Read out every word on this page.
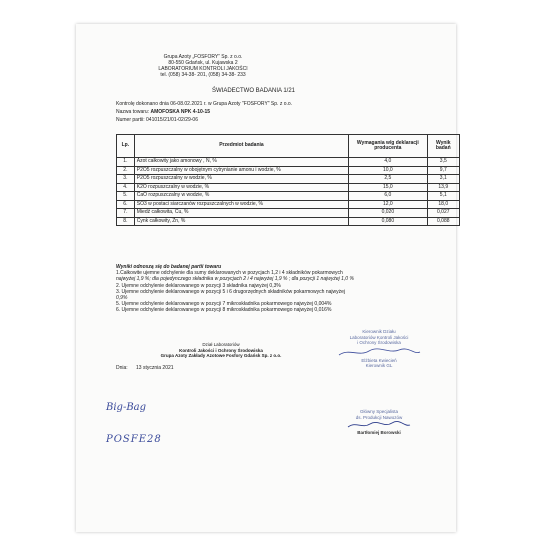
Grupa Azoty „FOSFORY” Sp. z o.o.
80-550 Gdańsk, ul. Kujawska 2
LABORATORIUM KONTROLI JAKOŚCI
tel. (058) 34-38- 201, (058) 34-38- 233
ŚWIADECTWO BADANIA 1/21
Kontrolę dokonano dnia 06-08.02.2021 r. w Grupa Azoty "FOSFORY" Sp. z o.o.
Nazwa towaru: AMOFOSKA NPK 4-10-15
Numer partii: 041015/21/01-02/29-06
Lp.	Przedmiot badania	Wymagania w/g deklaracji producenta	Wynik badań
1.	Azot całkowity jako amonowy , N, %	4,0	3,5
2.	P2O5 rozpuszczalny w obojętnym cytrynianie amonu i wodzie, %	10,0	9,7
3.	P2O5 rozpuszczalny w wodzie, %	2,5	3,1
4.	K2O rozpuszczalny w wodzie, %	15,0	13,9
5.	CaO rozpuszczalny w wodzie, %	6,0	5,1
6.	SO3 w postaci siarczanów rozpuszczalnych w wodzie, %	12,0	18,0
7.	Miedź całkowita, Cu, %	0,020	0,027
8.	Cynk całkowity, Zn, %	0,080	0,088
Wyniki odnoszą się do badanej partii towaru
1.Całkowite ujemne odchylenie dla sumy deklarowanych w pozycjach 1,2 i 4 składników pokarmowych
najwyżej 1,9 %; dla pojedynczego składnika w pozycjach 2 i 4 najwyżej 1,9 % ; dla pozycji 1 najwyżej 1,0 %
2. Ujemne odchylenie deklarowanego w pozycji 3 składnika najwyżej 0,3%
3. Ujemne odchylenie deklarowanego w pozycji 5 i 6 drugorzędnych składników pokarmowych najwyżej
0,9%
5. Ujemne odchylenie deklarowanego w pozycji 7 mikroskładnika pokarmowego najwyżej 0,004%
6. Ujemne odchylenie deklarowanego w pozycji 8 mikroskładnika pokarmowego najwyżej 0,016%
Dział Laboratoriów
Kontroli Jakości i Ochrony Środowiska
Grupa Azoty Zakłady Azotowe Fosfory Gdańsk Sp. z o.o.
Kierownik Działu
Laboratoriów Kontroli Jakości
i Ochrony Środowiska
Elżbieta Kwiecień
Kierownik GL
Dnia: 13 stycznia 2021
Big-Bag
POSFE28
Główny Specjalista
ds. Produkcji Nawozów
Bartłomiej Borowski
